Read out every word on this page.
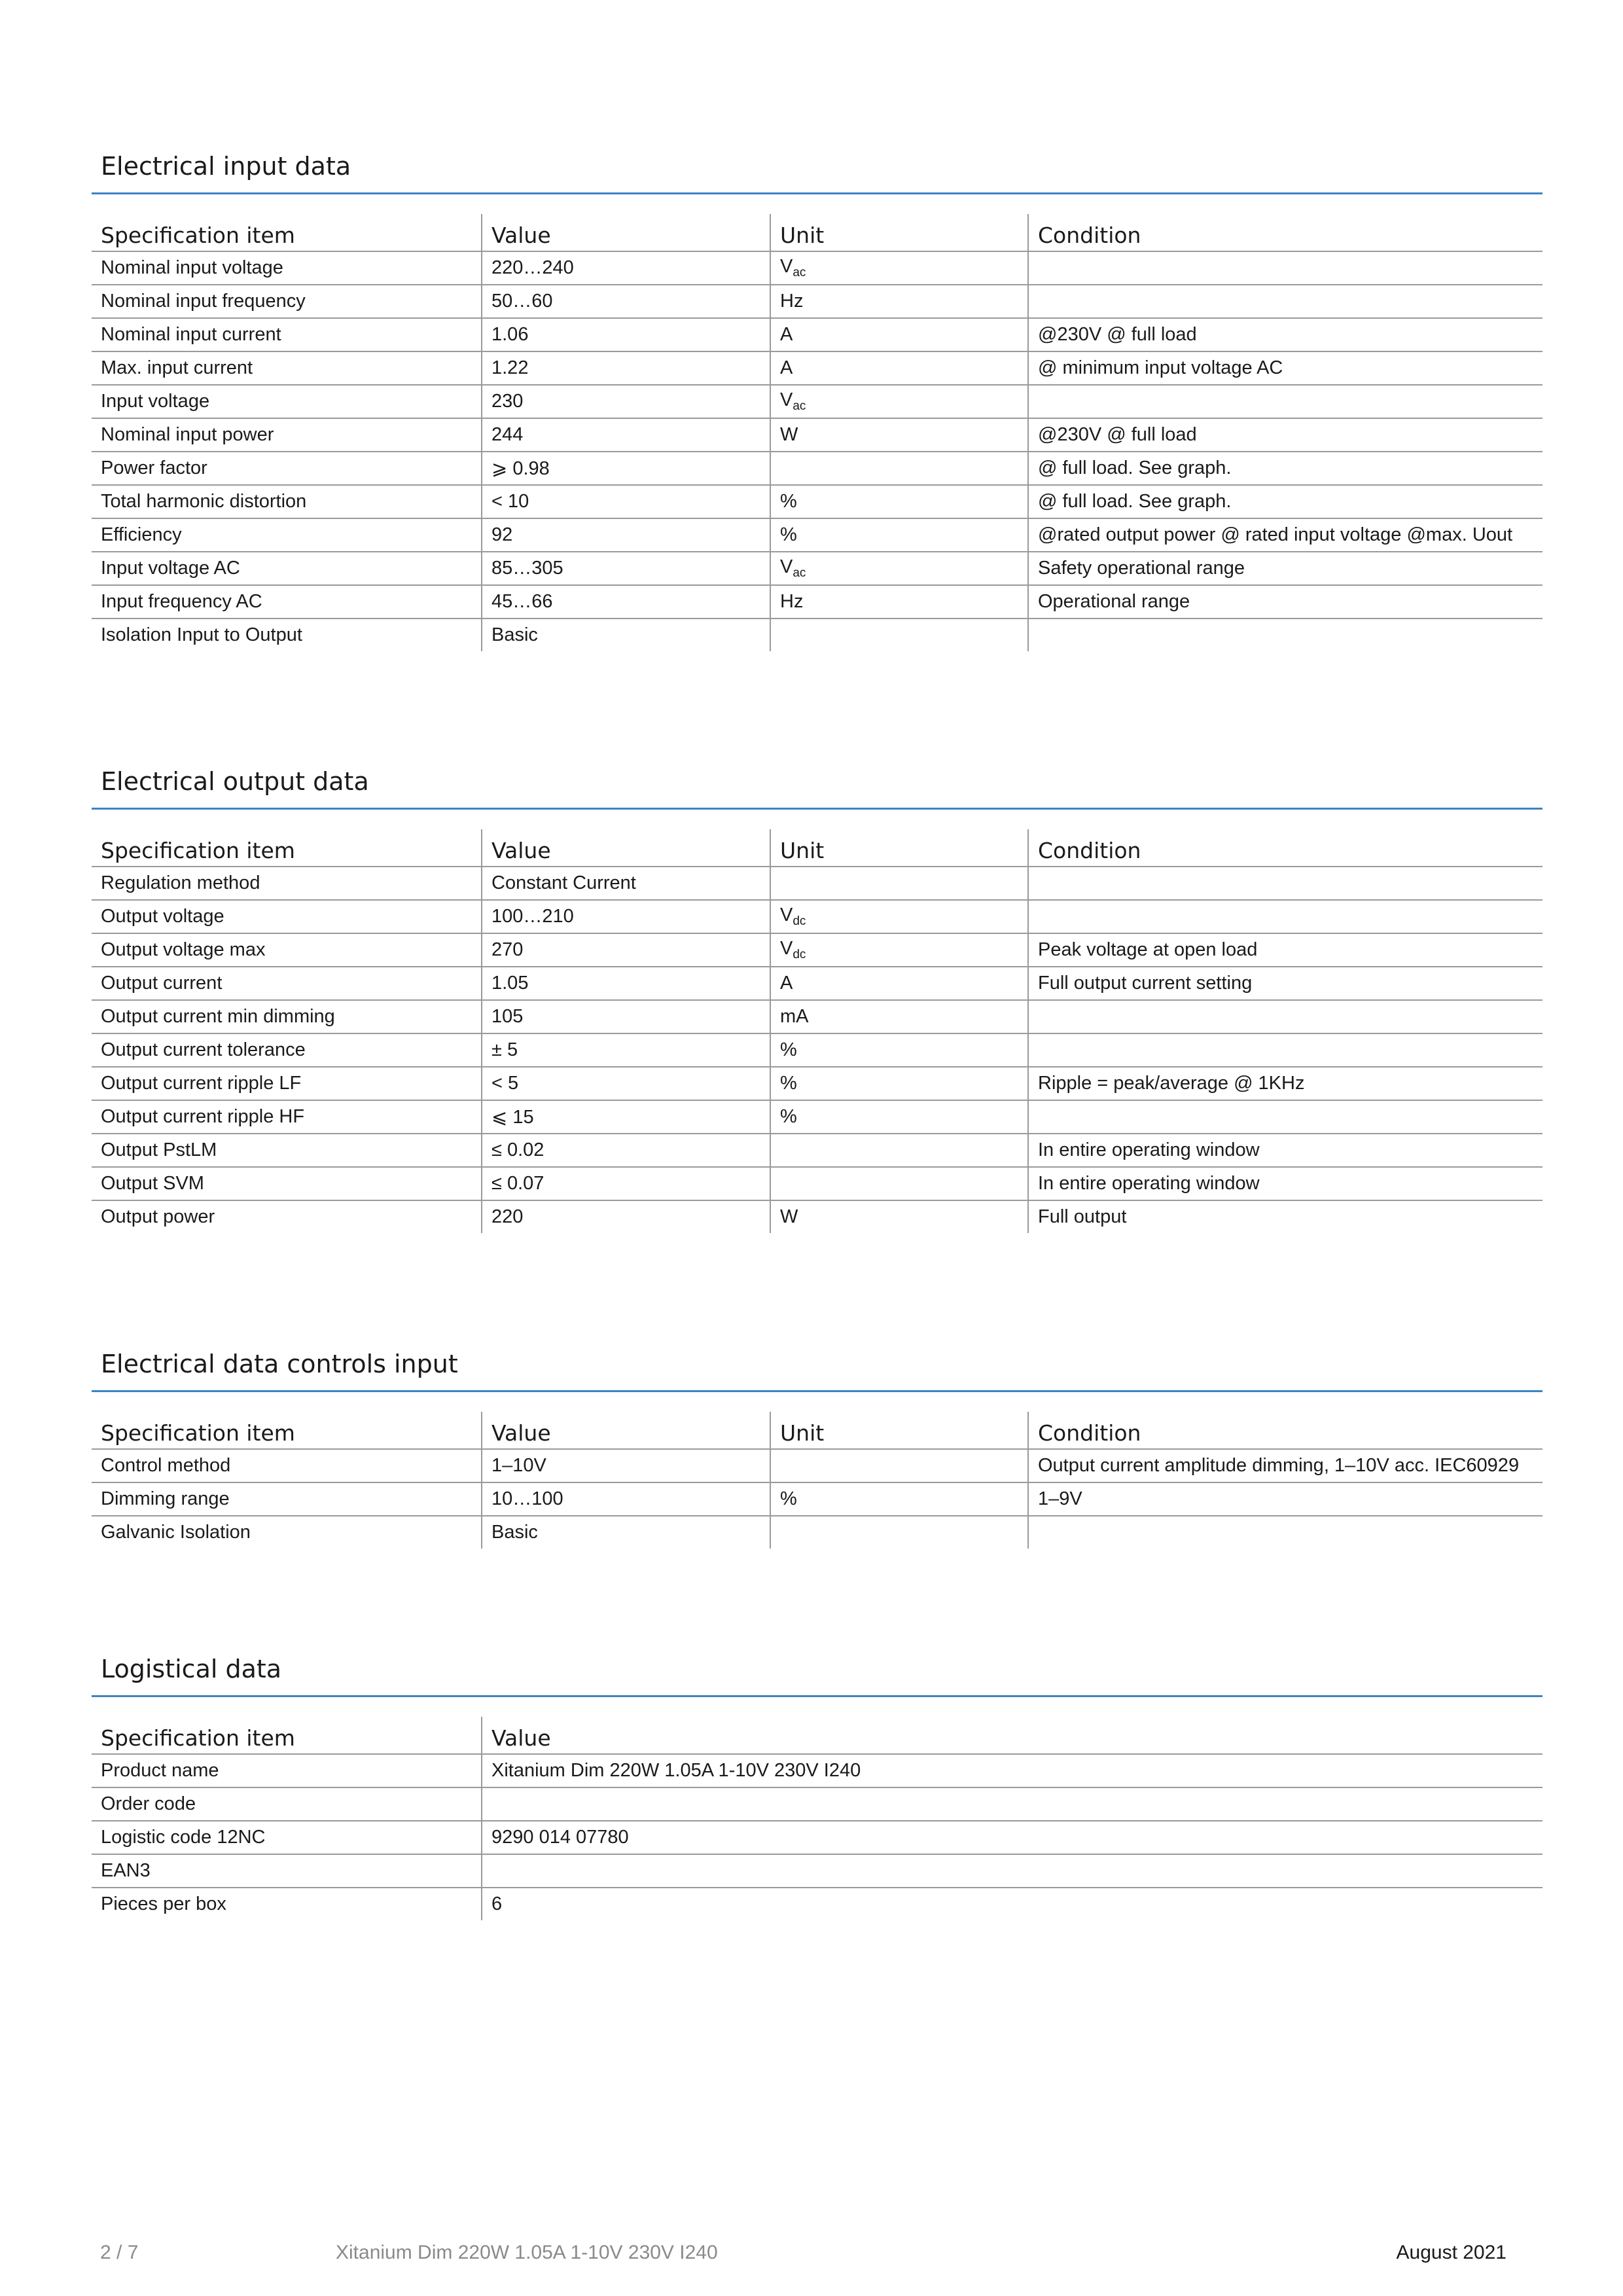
Electrical input data
Specification item	Value	Unit	Condition
Nominal input voltage	220…240	$V_{ac}$	
Nominal input frequency	50…60	Hz	
Nominal input current	1.06	A	@230V @ full load
Max. input current	1.22	A	@ minimum input voltage AC
Input voltage	230	$V_{ac}$	
Nominal input power	244	W	@230V @ full load
Power factor	⩾ 0.98		@ full load. See graph.
Total harmonic distortion	< 10	%	@ full load. See graph.
Efficiency	92	%	@rated output power @ rated input voltage @max. Uout
Input voltage AC	85…305	$V_{ac}$	Safety operational range
Input frequency AC	45…66	Hz	Operational range
Isolation Input to Output	Basic		
Electrical output data
Specification item	Value	Unit	Condition
Regulation method	Constant Current		
Output voltage	100…210	$V_{dc}$	
Output voltage max	270	$V_{dc}$	Peak voltage at open load
Output current	1.05	A	Full output current setting
Output current min dimming	105	mA	
Output current tolerance	± 5	%	
Output current ripple LF	< 5	%	Ripple = peak/average @ 1KHz
Output current ripple HF	⩽ 15	%	
Output PstLM	≤ 0.02		In entire operating window
Output SVM	≤ 0.07		In entire operating window
Output power	220	W	Full output
Electrical data controls input
Specification item	Value	Unit	Condition
Control method	1–10V		Output current amplitude dimming, 1–10V acc. IEC60929
Dimming range	10…100	%	1–9V
Galvanic Isolation	Basic		
Logistical data
Specification item	Value
Product name	Xitanium Dim 220W 1.05A 1-10V 230V I240
Order code	
Logistic code 12NC	9290 014 07780
EAN3	
Pieces per box	6
2 / 7	Xitanium Dim 220W 1.05A 1-10V 230V I240	August 2021
